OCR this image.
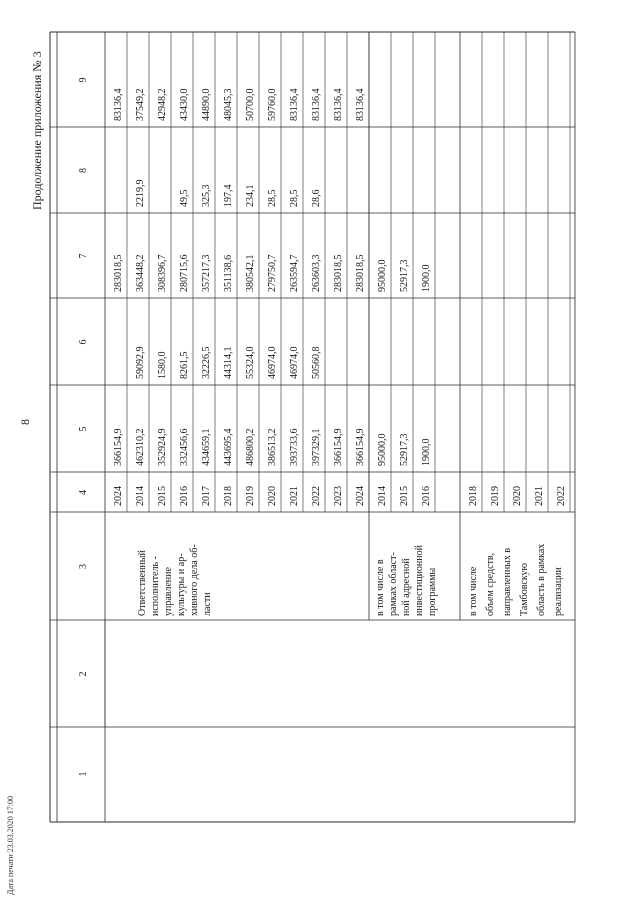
8
Продолжение приложения № 3
Дата печати 23.03.2020 17:00
1
2
3
4
5
6
7
8
9
2024
366154,9
283018,5
83136,4
2014
462310,2
59092,9
363448,2
2219,9
37549,2
2015
352924,9
1580,0
308396,7
42948,2
2016
332456,6
8261,5
280715,6
49,5
43430,0
2017
434659,1
32226,5
357217,3
325,3
44890,0
2018
443695,4
44314,1
351138,6
197,4
48045,3
2019
486800,2
55324,0
380542,1
234,1
50700,0
2020
386513,2
46974,0
279750,7
28,5
59760,0
2021
393733,6
46974,0
263594,7
28,5
83136,4
2022
397329,1
50560,8
263603,3
28,6
83136,4
2023
366154,9
283018,5
83136,4
2024
366154,9
283018,5
83136,4
Ответственный исполнитель - управление культуры и ар- хивного дела об- ласти
2014
95000,0
95000,0
2015
52917,3
52917,3
2016
1900,0
1900,0
в том числе в рамках област- ной адресной инвестиционной программы
2018 2019 2020 2021 2022
в том числе объем средств, направленных в Тамбовскую область в рамках реализации
